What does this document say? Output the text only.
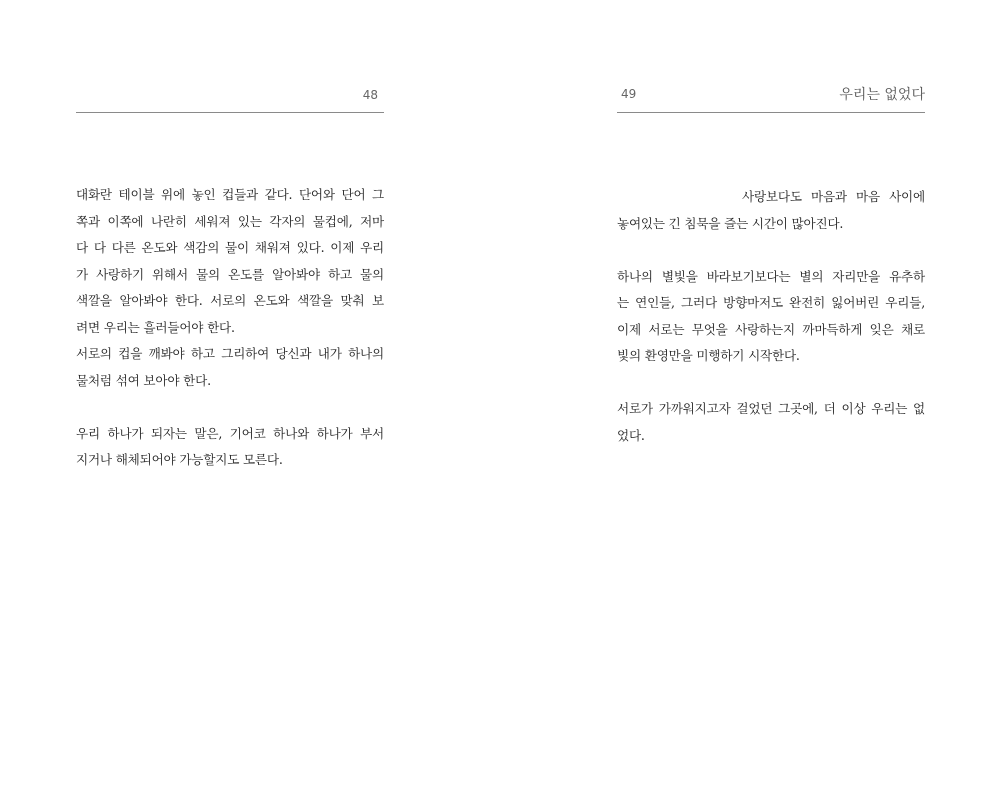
48
대화란 테이블 위에 놓인 컵들과 같다. 단어와 단어 그
쪽과 이쪽에 나란히 세워져 있는 각자의 물컵에, 저마
다 다 다른 온도와 색감의 물이 채워져 있다. 이제 우리
가 사랑하기 위해서 물의 온도를 알아봐야 하고 물의
색깔을 알아봐야 한다. 서로의 온도와 색깔을 맞춰 보
려면 우리는 흘러들어야 한다.
서로의 컵을 깨봐야 하고 그리하여 당신과 내가 하나의
물처럼 섞여 보아야 한다.
우리 하나가 되자는 말은, 기어코 하나와 하나가 부서
지거나 해체되어야 가능할지도 모른다.
49	우리는 없었다
사랑보다도 마음과 마음 사이에
놓여있는 긴 침묵을 즐는 시간이 많아진다.
하나의 별빛을 바라보기보다는 별의 자리만을 유추하
는 연인들, 그러다 방향마저도 완전히 잃어버린 우리들,
이제 서로는 무엇을 사랑하는지 까마득하게 잊은 채로
빛의 환영만을 미행하기 시작한다.
서로가 가까워지고자 걸었던 그곳에, 더 이상 우리는 없
었다.
